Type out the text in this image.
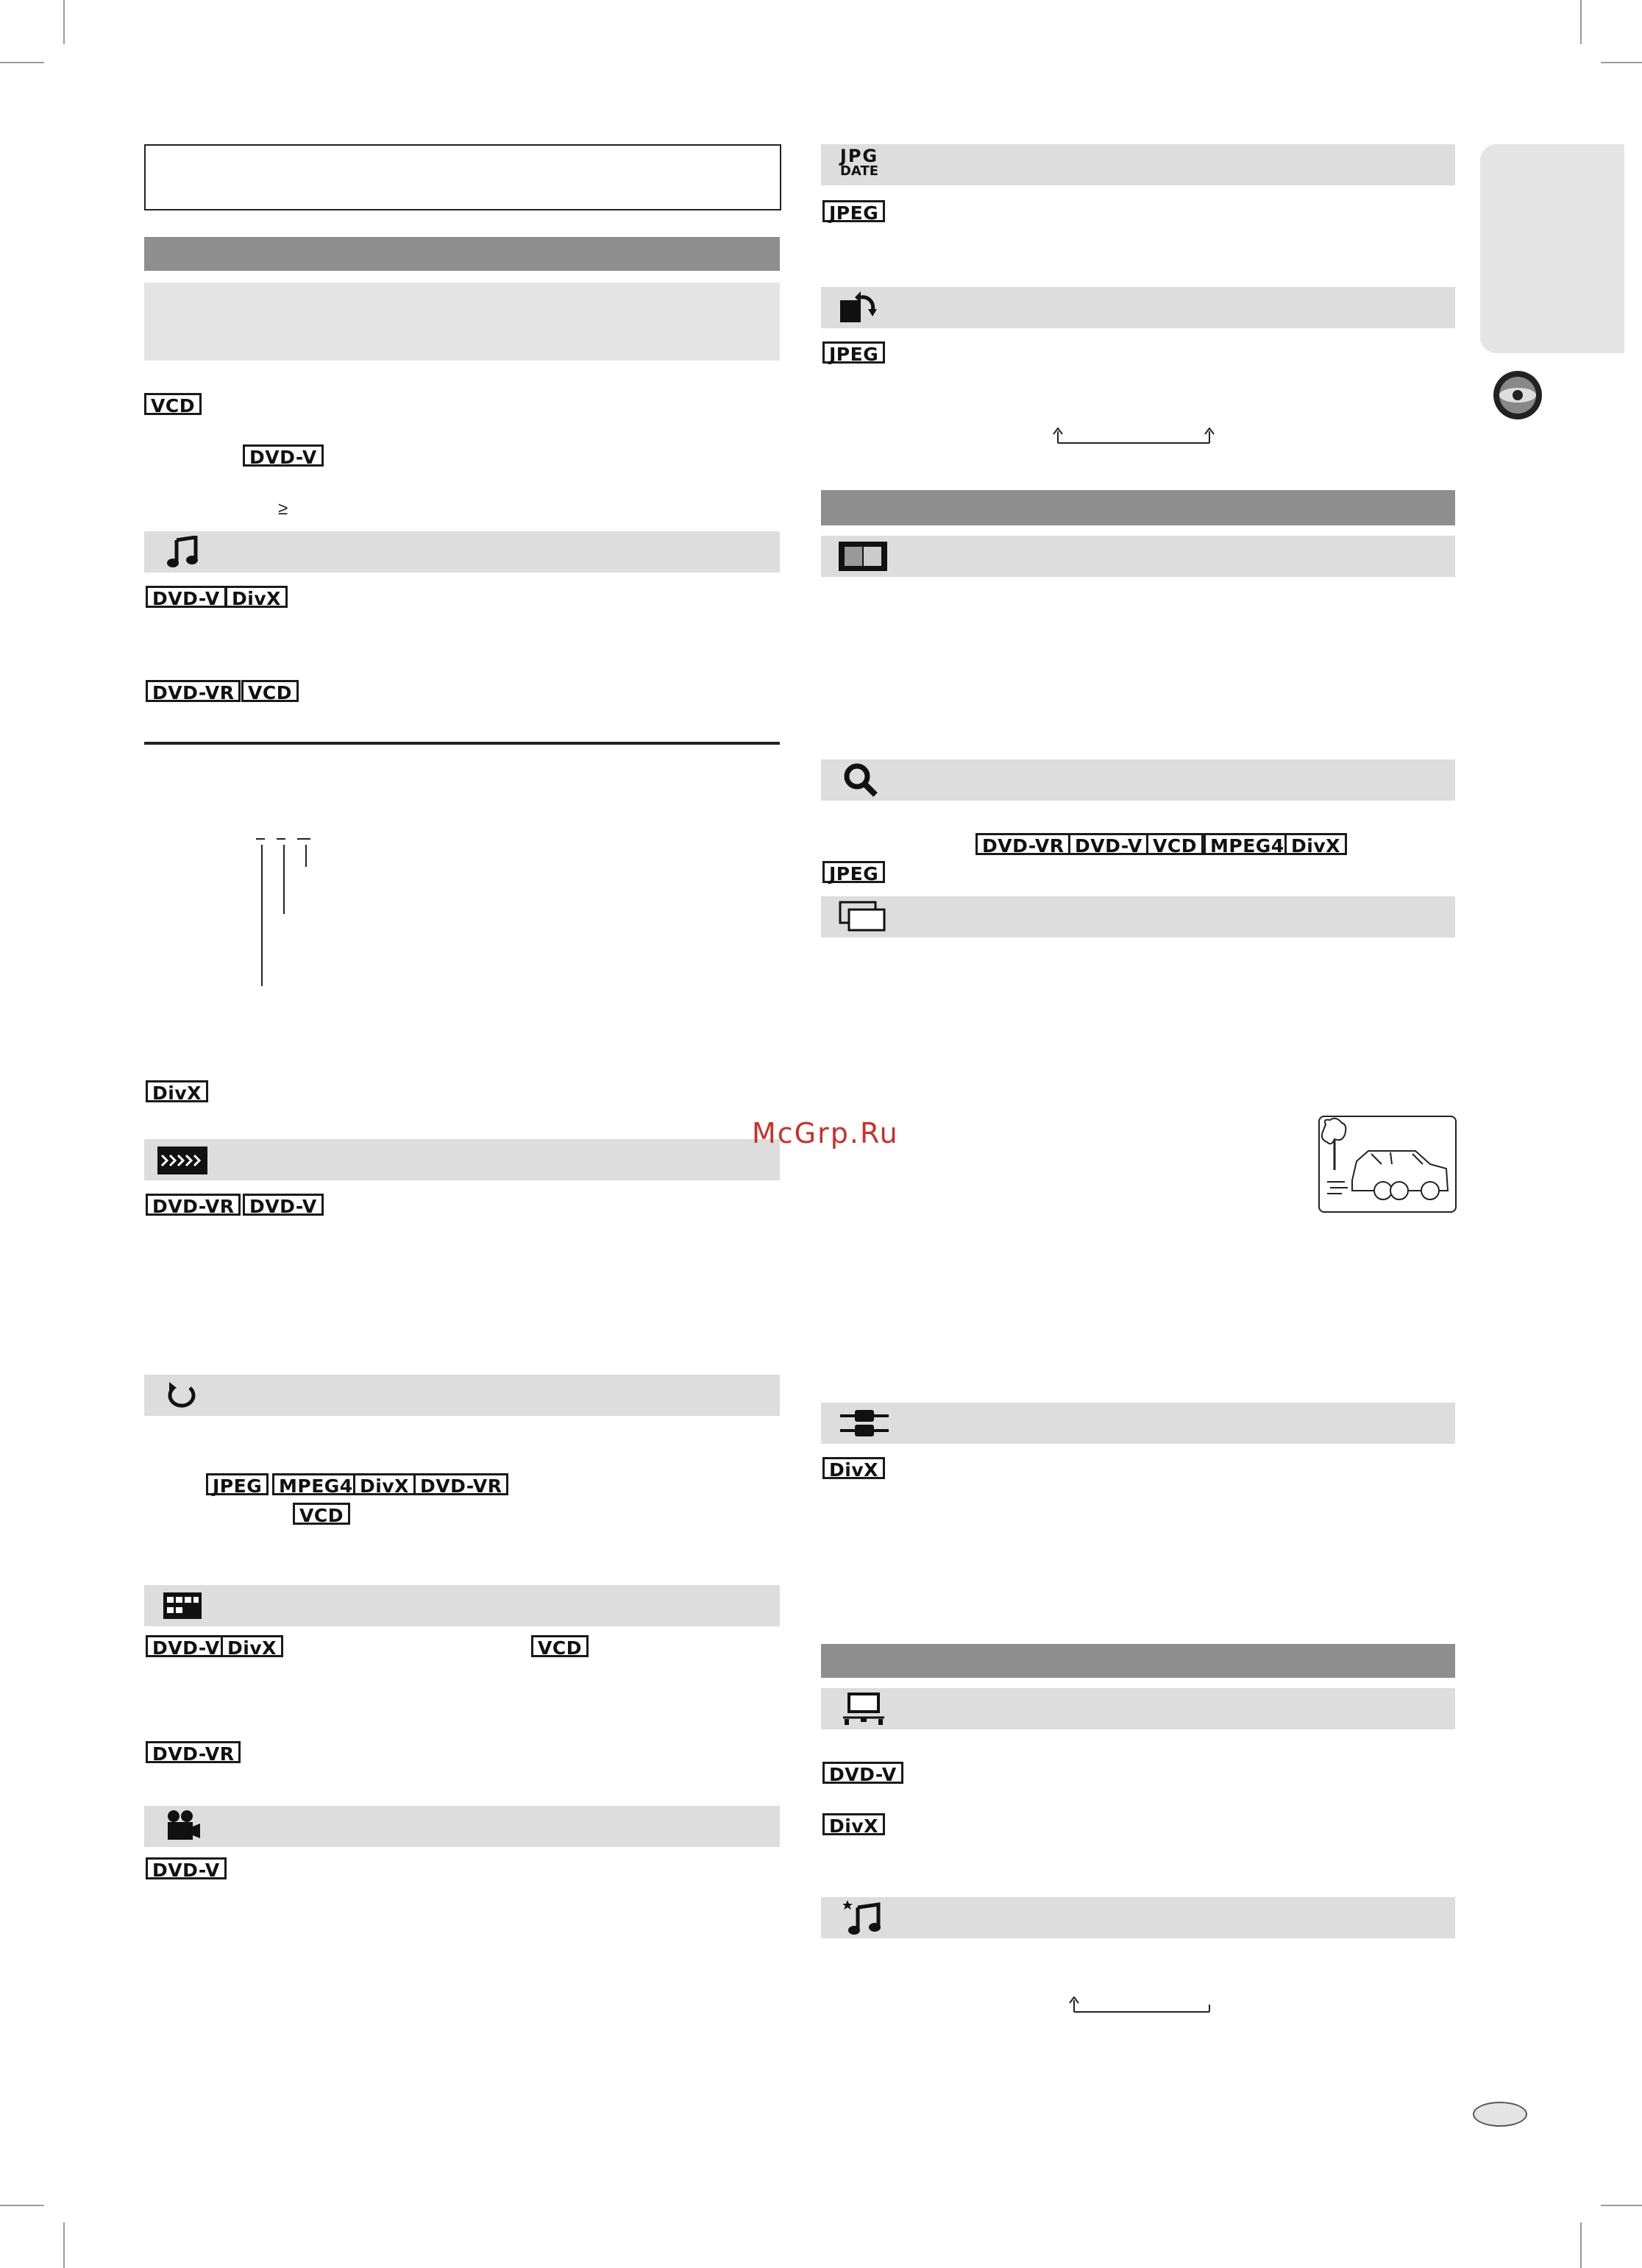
VCD
DVD-V
≥
DVD-V DivX
DVD-VR VCD
DivX
DVD-VR DVD-V
JPEG MPEG4 DivX DVD-VR
VCD
DVD-V DivX	VCD
DVD-VR
DVD-V
JPG
DATE
JPEG
JPEG
DVD-VR DVD-V VCD MPEG4 DivX
JPEG
McGrp.Ru
DivX
DVD-V
DivX
